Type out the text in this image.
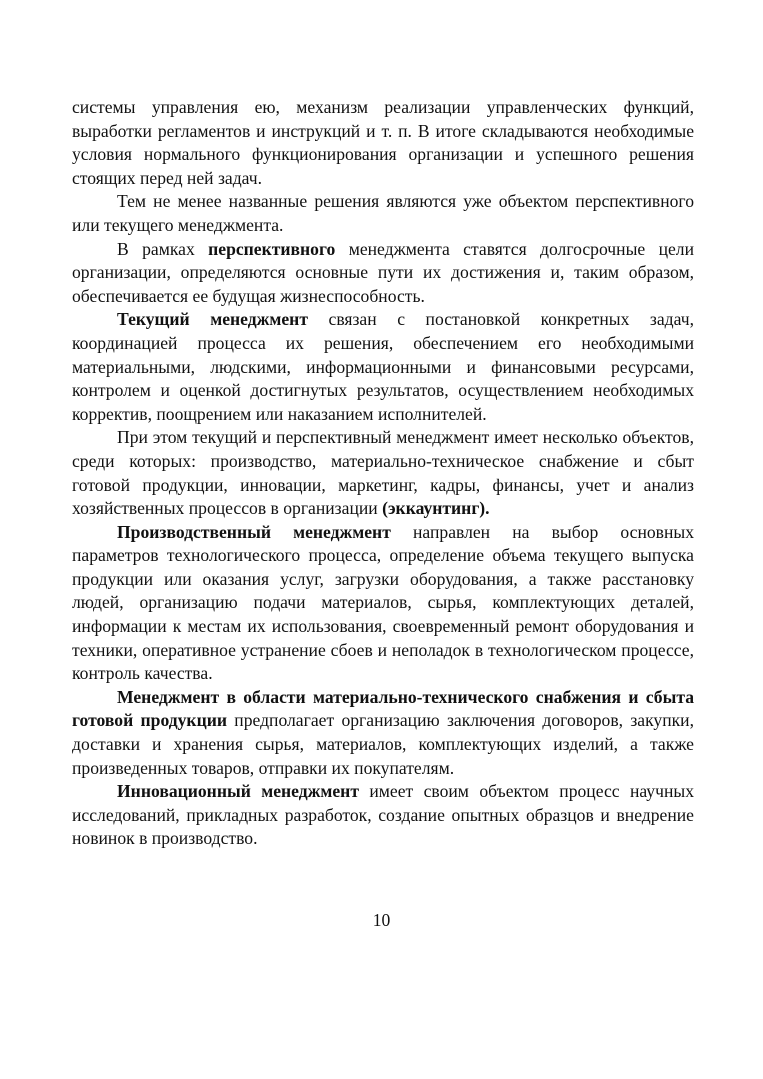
системы управления ею, механизм реализации управленческих функций, выработки регламентов и инструкций и т. п. В итоге складываются необходимые условия нормального функционирования организации и успешного решения стоящих перед ней задач.

Тем не менее названные решения являются уже объектом перспективного или текущего менеджмента.

В рамках перспективного менеджмента ставятся долгосрочные цели организации, определяются основные пути их достижения и, таким образом, обеспечивается ее будущая жизнеспособность.

Текущий менеджмент связан с постановкой конкретных задач, координацией процесса их решения, обеспечением его необходимыми материальными, людскими, информационными и финансовыми ресурсами, контролем и оценкой достигнутых результатов, осуществлением необходимых корректив, поощрением или наказанием исполнителей.

При этом текущий и перспективный менеджмент имеет несколько объектов, среди которых: производство, материально-техническое снабжение и сбыт готовой продукции, инновации, маркетинг, кадры, финансы, учет и анализ хозяйственных процессов в организации (эккаунтинг).

Производственный менеджмент направлен на выбор основных параметров технологического процесса, определение объема текущего выпуска продукции или оказания услуг, загрузки оборудования, а также расстановку людей, организацию подачи материалов, сырья, комплектующих деталей, информации к местам их использования, своевременный ремонт оборудования и техники, оперативное устранение сбоев и неполадок в технологическом процессе, контроль качества.

Менеджмент в области материально-технического снабжения и сбыта готовой продукции предполагает организацию заключения договоров, закупки, доставки и хранения сырья, материалов, комплектующих изделий, а также произведенных товаров, отправки их покупателям.

Инновационный менеджмент имеет своим объектом процесс научных исследований, прикладных разработок, создание опытных образцов и внедрение новинок в производство.

10
